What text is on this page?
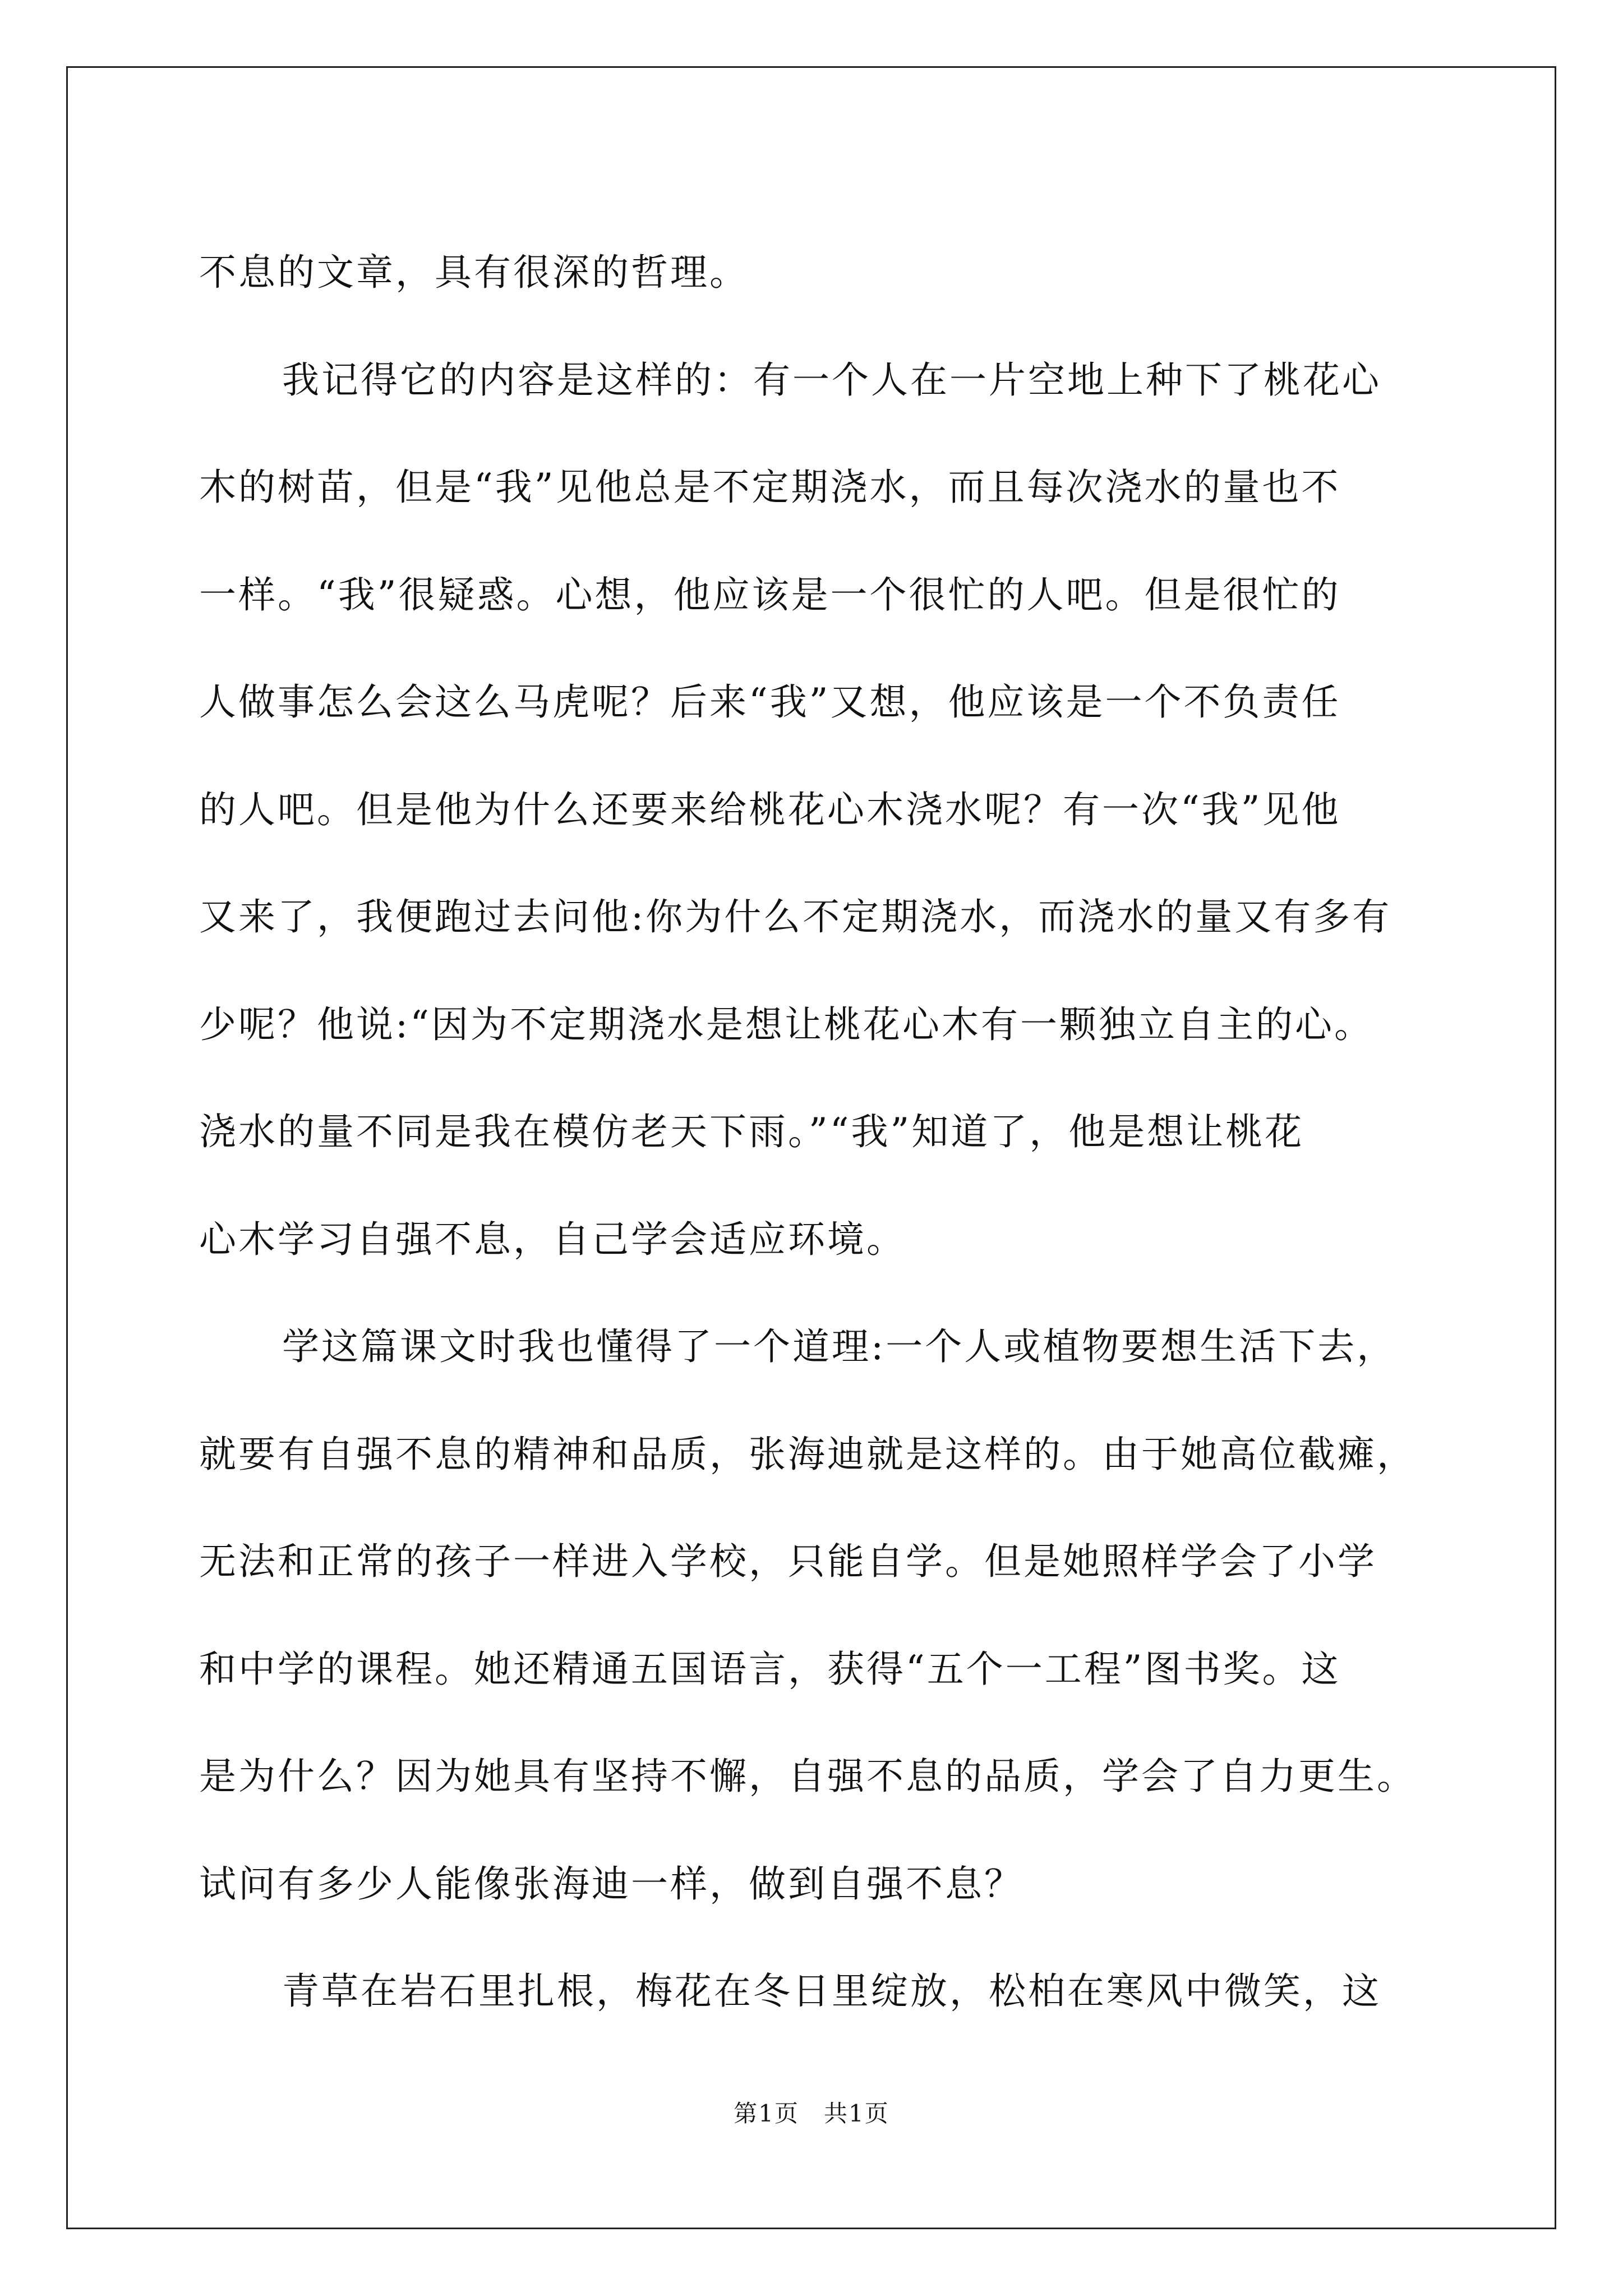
不息的文章，具有很深的哲理。
我记得它的内容是这样的：有一个人在一片空地上种下了桃花心
木的树苗，但是“我”见他总是不定期浇水，而且每次浇水的量也不
一样。“我”很疑惑。心想，他应该是一个很忙的人吧。但是很忙的
人做事怎么会这么马虎呢？后来“我”又想，他应该是一个不负责任
的人吧。但是他为什么还要来给桃花心木浇水呢？有一次“我”见他
又来了，我便跑过去问他:你为什么不定期浇水，而浇水的量又有多有
少呢？他说:“因为不定期浇水是想让桃花心木有一颗独立自主的心。
浇水的量不同是我在模仿老天下雨。”“我”知道了，他是想让桃花
心木学习自强不息，自己学会适应环境。
学这篇课文时我也懂得了一个道理:一个人或植物要想生活下去，
就要有自强不息的精神和品质，张海迪就是这样的。由于她高位截瘫，
无法和正常的孩子一样进入学校，只能自学。但是她照样学会了小学
和中学的课程。她还精通五国语言，获得“五个一工程”图书奖。这
是为什么？因为她具有坚持不懈，自强不息的品质，学会了自力更生。
试问有多少人能像张海迪一样，做到自强不息？
青草在岩石里扎根，梅花在冬日里绽放，松柏在寒风中微笑，这
第1页　共1页
